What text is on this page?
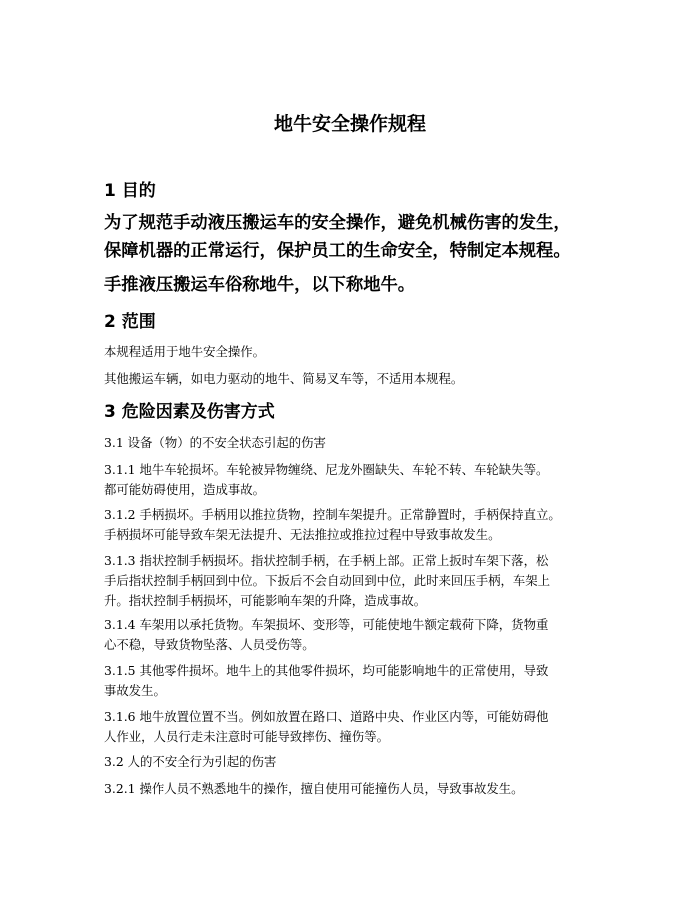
地牛安全操作规程
1 目的
为了规范手动液压搬运车的安全操作，避免机械伤害的发生，
保障机器的正常运行，保护员工的生命安全，特制定本规程。
手推液压搬运车俗称地牛，以下称地牛。
2 范围
本规程适用于地牛安全操作。
其他搬运车辆，如电力驱动的地牛、简易叉车等，不适用本规程。
3 危险因素及伤害方式
3.1 设备（物）的不安全状态引起的伤害
3.1.1 地牛车轮损坏。车轮被异物缠绕、尼龙外圈缺失、车轮不转、车轮缺失等。
都可能妨碍使用，造成事故。
3.1.2 手柄损坏。手柄用以推拉货物，控制车架提升。正常静置时，手柄保持直立。
手柄损坏可能导致车架无法提升、无法推拉或推拉过程中导致事故发生。
3.1.3 指状控制手柄损坏。指状控制手柄，在手柄上部。正常上扳时车架下落，松
手后指状控制手柄回到中位。下扳后不会自动回到中位，此时来回压手柄，车架上
升。指状控制手柄损坏，可能影响车架的升降，造成事故。
3.1.4 车架用以承托货物。车架损坏、变形等，可能使地牛额定载荷下降，货物重
心不稳，导致货物坠落、人员受伤等。
3.1.5 其他零件损坏。地牛上的其他零件损坏，均可能影响地牛的正常使用，导致
事故发生。
3.1.6 地牛放置位置不当。例如放置在路口、道路中央、作业区内等，可能妨碍他
人作业，人员行走未注意时可能导致摔伤、撞伤等。
3.2 人的不安全行为引起的伤害
3.2.1 操作人员不熟悉地牛的操作，擅自使用可能撞伤人员，导致事故发生。
